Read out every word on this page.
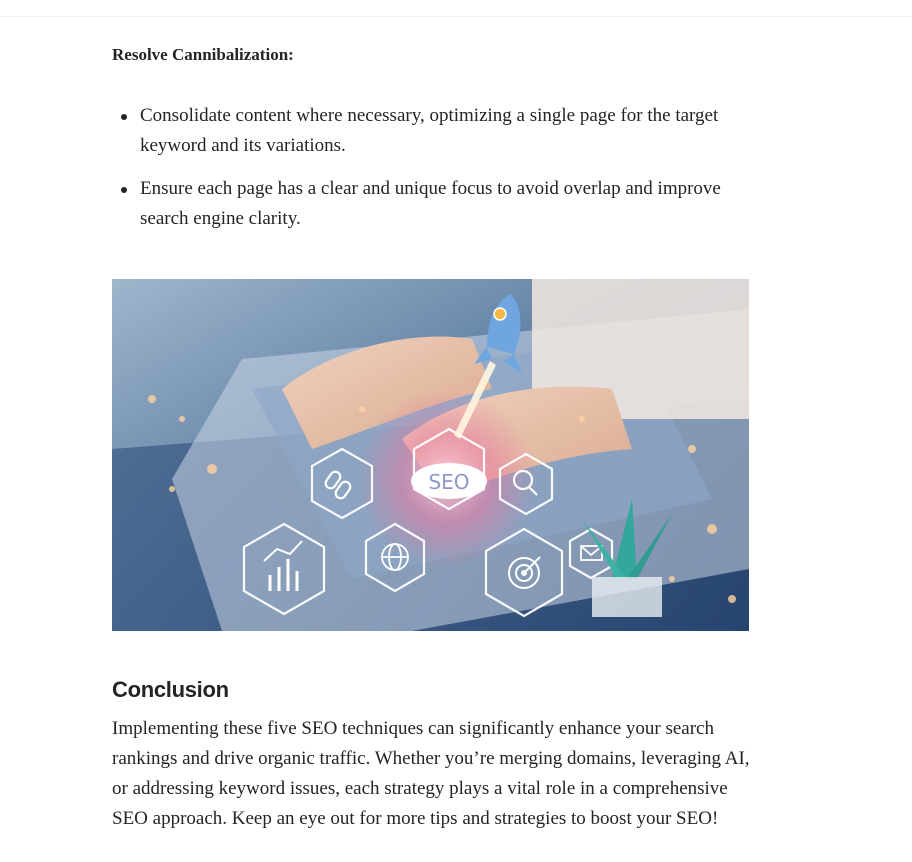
Resolve Cannibalization:
Consolidate content where necessary, optimizing a single page for the target keyword and its variations.
Ensure each page has a clear and unique focus to avoid overlap and improve search engine clarity.
SEO
Conclusion

Implementing these five SEO techniques can significantly enhance your search rankings and drive organic traffic. Whether you’re merging domains, leveraging AI, or addressing keyword issues, each strategy plays a vital role in a comprehensive SEO approach. Keep an eye out for more tips and strategies to boost your SEO!
